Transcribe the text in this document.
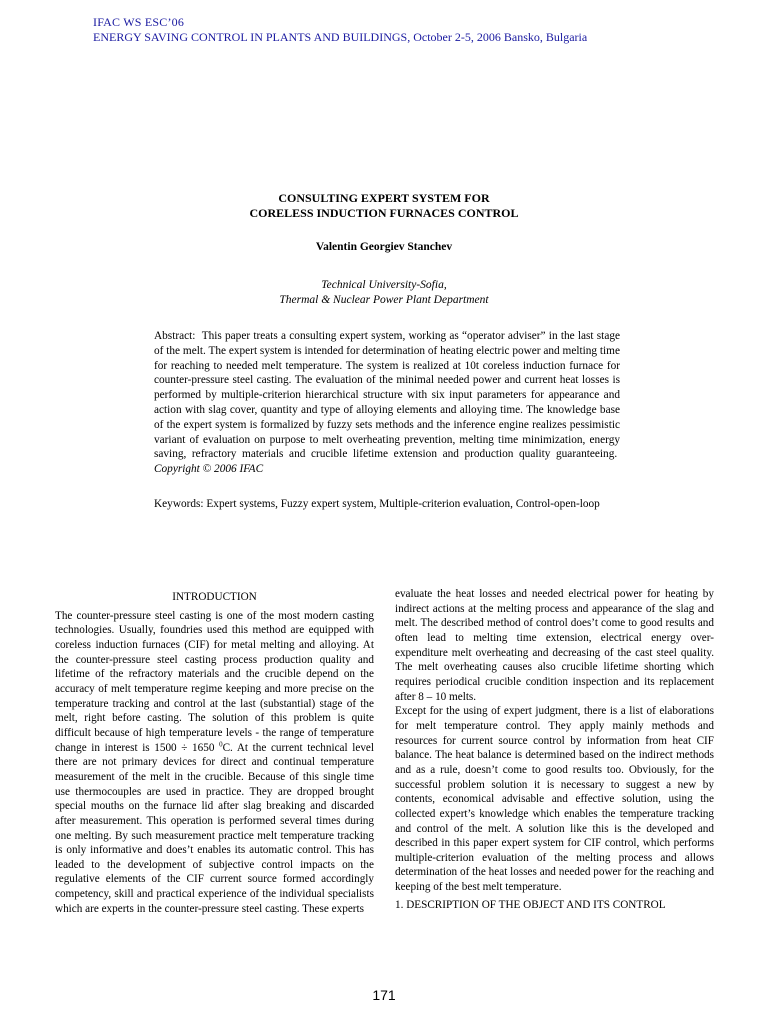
IFAC WS ESC’06
ENERGY SAVING CONTROL IN PLANTS AND BUILDINGS, October 2-5, 2006 Bansko, Bulgaria
CONSULTING EXPERT SYSTEM FOR
CORELESS INDUCTION FURNACES CONTROL
Valentin Georgiev Stanchev
Technical University-Sofia,
Thermal & Nuclear Power Plant Department
Abstract: This paper treats a consulting expert system, working as “operator adviser” in the last stage of the melt. The expert system is intended for determination of heating electric power and melting time for reaching to needed melt temperature. The system is realized at 10t coreless induction furnace for counter-pressure steel casting. The evaluation of the minimal needed power and current heat losses is performed by multiple-criterion hierarchical structure with six input parameters for appearance and action with slag cover, quantity and type of alloying elements and alloying time. The knowledge base of the expert system is formalized by fuzzy sets methods and the inference engine realizes pessimistic variant of evaluation on purpose to melt overheating prevention, melting time minimization, energy saving, refractory materials and crucible lifetime extension and production quality guaranteeing.  Copyright © 2006 IFAC
Keywords: Expert systems, Fuzzy expert system, Multiple-criterion evaluation, Control-open-loop
INTRODUCTION

The counter-pressure steel casting is one of the most modern casting technologies. Usually, foundries used this method are equipped with coreless induction furnaces (CIF) for metal melting and alloying. At the counter-pressure steel casting process production quality and lifetime of the refractory materials and the crucible depend on the accuracy of melt temperature regime keeping and more precise on the temperature tracking and control at the last (substantial) stage of the melt, right before casting. The solution of this problem is quite difficult because of high temperature levels - the range of temperature change in interest is 1500 ÷ 1650 $^0$C. At the current technical level there are not primary devices for direct and continual temperature measurement of the melt in the crucible. Because of this single time use thermocouples are used in practice. They are dropped brought special mouths on the furnace lid after slag breaking and discarded after measurement. This operation is performed several times during one melting. By such measurement practice melt temperature tracking is only informative and does’t enables its automatic control. This has leaded to the development of subjective control impacts on the regulative elements of the CIF current source formed accordingly competency, skill and practical experience of the individual specialists which are experts in the counter-pressure steel casting. These experts

evaluate the heat losses and needed electrical power for heating by indirect actions at the melting process and appearance of the slag and melt. The described method of control does’t come to good results and often lead to melting time extension, electrical energy over-expenditure melt overheating and decreasing of the cast steel quality. The melt overheating causes also crucible lifetime shorting which requires periodical crucible condition inspection and its replacement after 8 – 10 melts.

Except for the using of expert judgment, there is a list of elaborations for melt temperature control. They apply mainly methods and resources for current source control by information from heat CIF balance. The heat balance is determined based on the indirect methods and as a rule, doesn’t come to good results too. Obviously, for the successful problem solution it is necessary to suggest a new by contents, economical advisable and effective solution, using the collected expert’s knowledge which enables the temperature tracking and control of the melt. A solution like this is the developed and described in this paper expert system for CIF control, which performs multiple-criterion evaluation of the melting process and allows determination of the heat losses and needed power for the reaching and keeping of the best melt temperature.

1. DESCRIPTION OF THE OBJECT AND ITS CONTROL
171
